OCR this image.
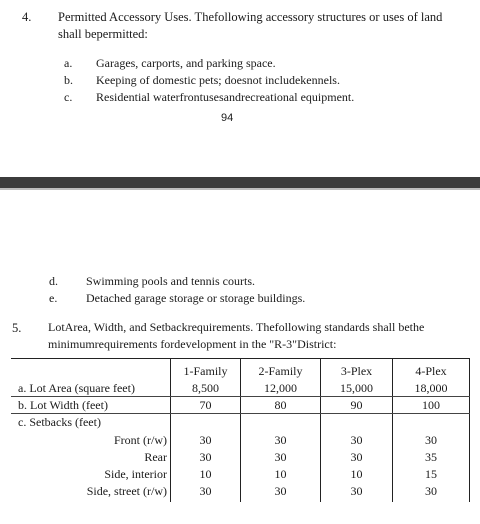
4. Permitted Accessory Uses. Thefollowing accessory structures or uses of land
shall bepermitted:
a. Garages, carports, and parking space.
b. Keeping of domestic pets; doesnot includekennels.
c. Residential waterfrontusesandrecreational equipment.
94
d. Swimming pools and tennis courts.
e. Detached garage storage or storage buildings.
5. LotArea, Width, and Setbackrequirements. Thefollowing standards shall bethe
minimumrequirements fordevelopment in the "R-3"District:
1-Family	2-Family	3-Plex	4-Plex
a. Lot Area (square feet)	8,500	12,000	15,000	18,000
b. Lot Width (feet)	70	80	90	100
c. Setbacks (feet)
Front (r/w)	30	30	30	30
Rear	30	30	30	35
Side, interior	10	10	10	15
Side, street (r/w)	30	30	30	30
